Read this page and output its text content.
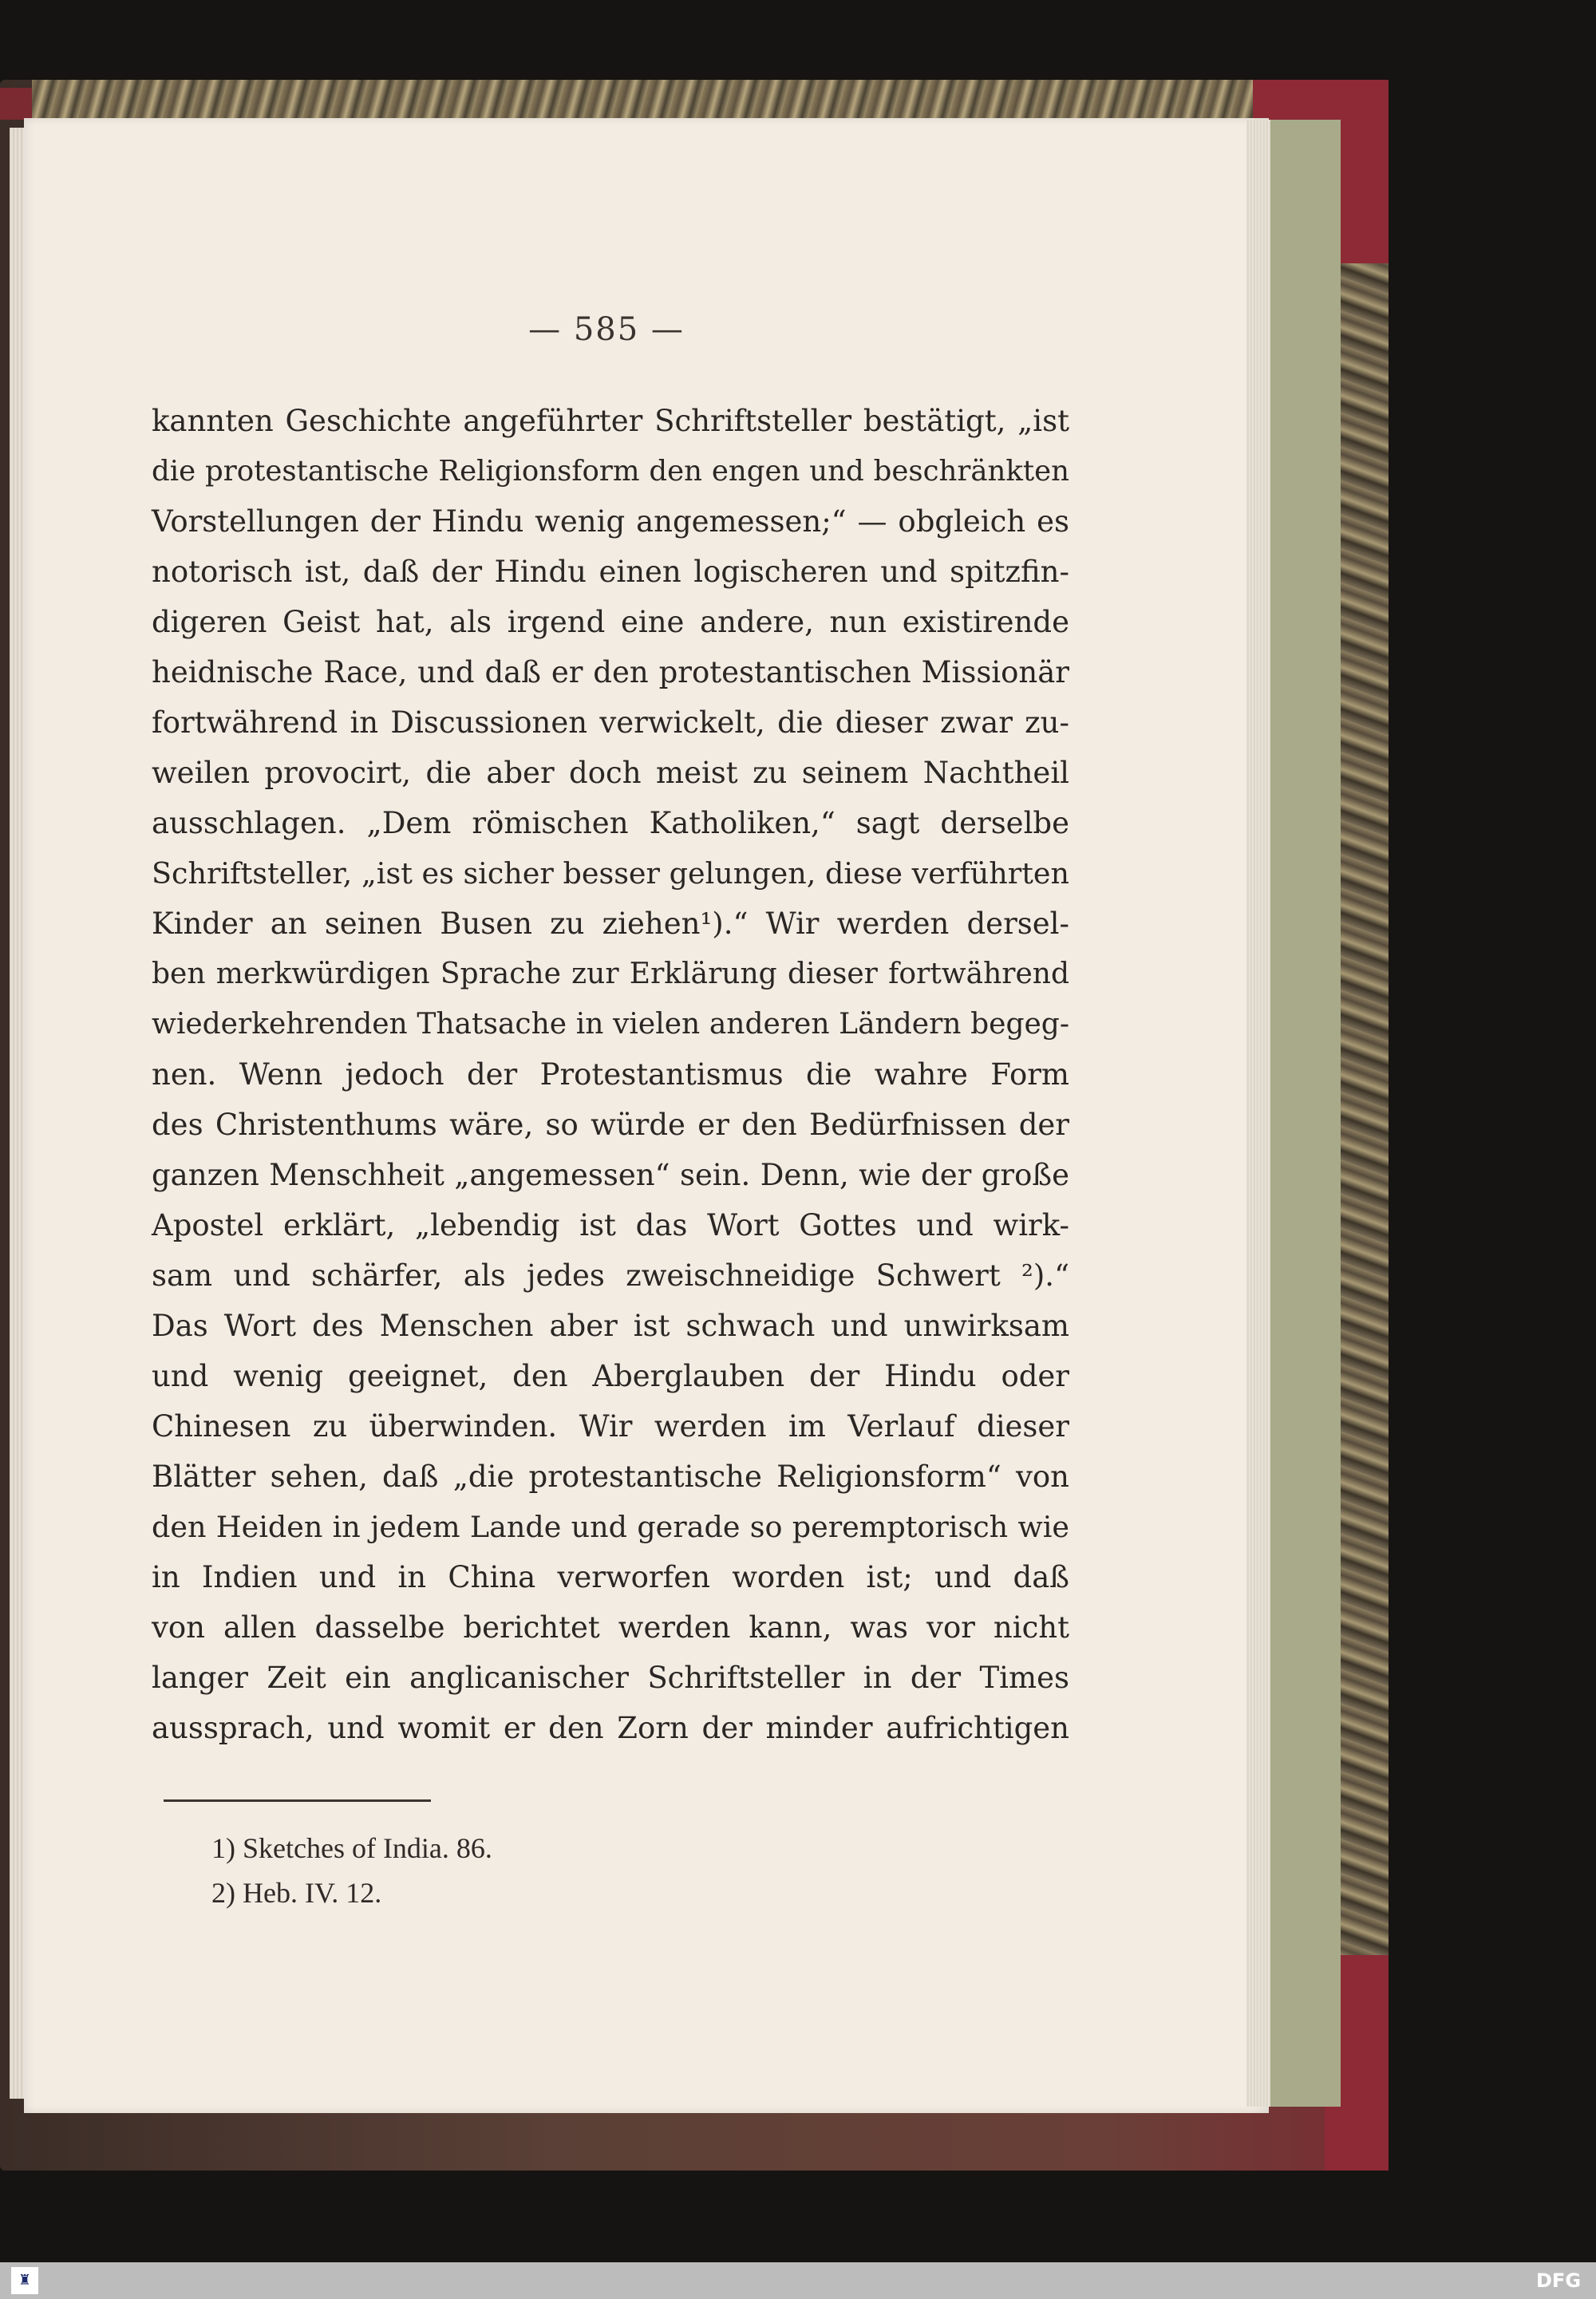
— 585 —
kannten Geschichte angeführter Schriftsteller bestätigt, „ist
die protestantische Religionsform den engen und beschränkten
Vorstellungen der Hindu wenig angemessen;“ — obgleich es
notorisch ist, daß der Hindu einen logischeren und spitzfin-
digeren Geist hat, als irgend eine andere, nun existirende
heidnische Race, und daß er den protestantischen Missionär
fortwährend in Discussionen verwickelt, die dieser zwar zu-
weilen provocirt, die aber doch meist zu seinem Nachtheil
ausschlagen. „Dem römischen Katholiken,“ sagt derselbe
Schriftsteller, „ist es sicher besser gelungen, diese verführten
Kinder an seinen Busen zu ziehen¹).“ Wir werden dersel-
ben merkwürdigen Sprache zur Erklärung dieser fortwährend
wiederkehrenden Thatsache in vielen anderen Ländern begeg-
nen. Wenn jedoch der Protestantismus die wahre Form
des Christenthums wäre, so würde er den Bedürfnissen der
ganzen Menschheit „angemessen“ sein. Denn, wie der große
Apostel erklärt, „lebendig ist das Wort Gottes und wirk-
sam und schärfer, als jedes zweischneidige Schwert ²).“
Das Wort des Menschen aber ist schwach und unwirksam
und wenig geeignet, den Aberglauben der Hindu oder
Chinesen zu überwinden. Wir werden im Verlauf dieser
Blätter sehen, daß „die protestantische Religionsform“ von
den Heiden in jedem Lande und gerade so peremptorisch wie
in Indien und in China verworfen worden ist; und daß
von allen dasselbe berichtet werden kann, was vor nicht
langer Zeit ein anglicanischer Schriftsteller in der Times
aussprach, und womit er den Zorn der minder aufrichtigen
1) Sketches of India. 86.
2) Heb. IV. 12.
♜	DFG
